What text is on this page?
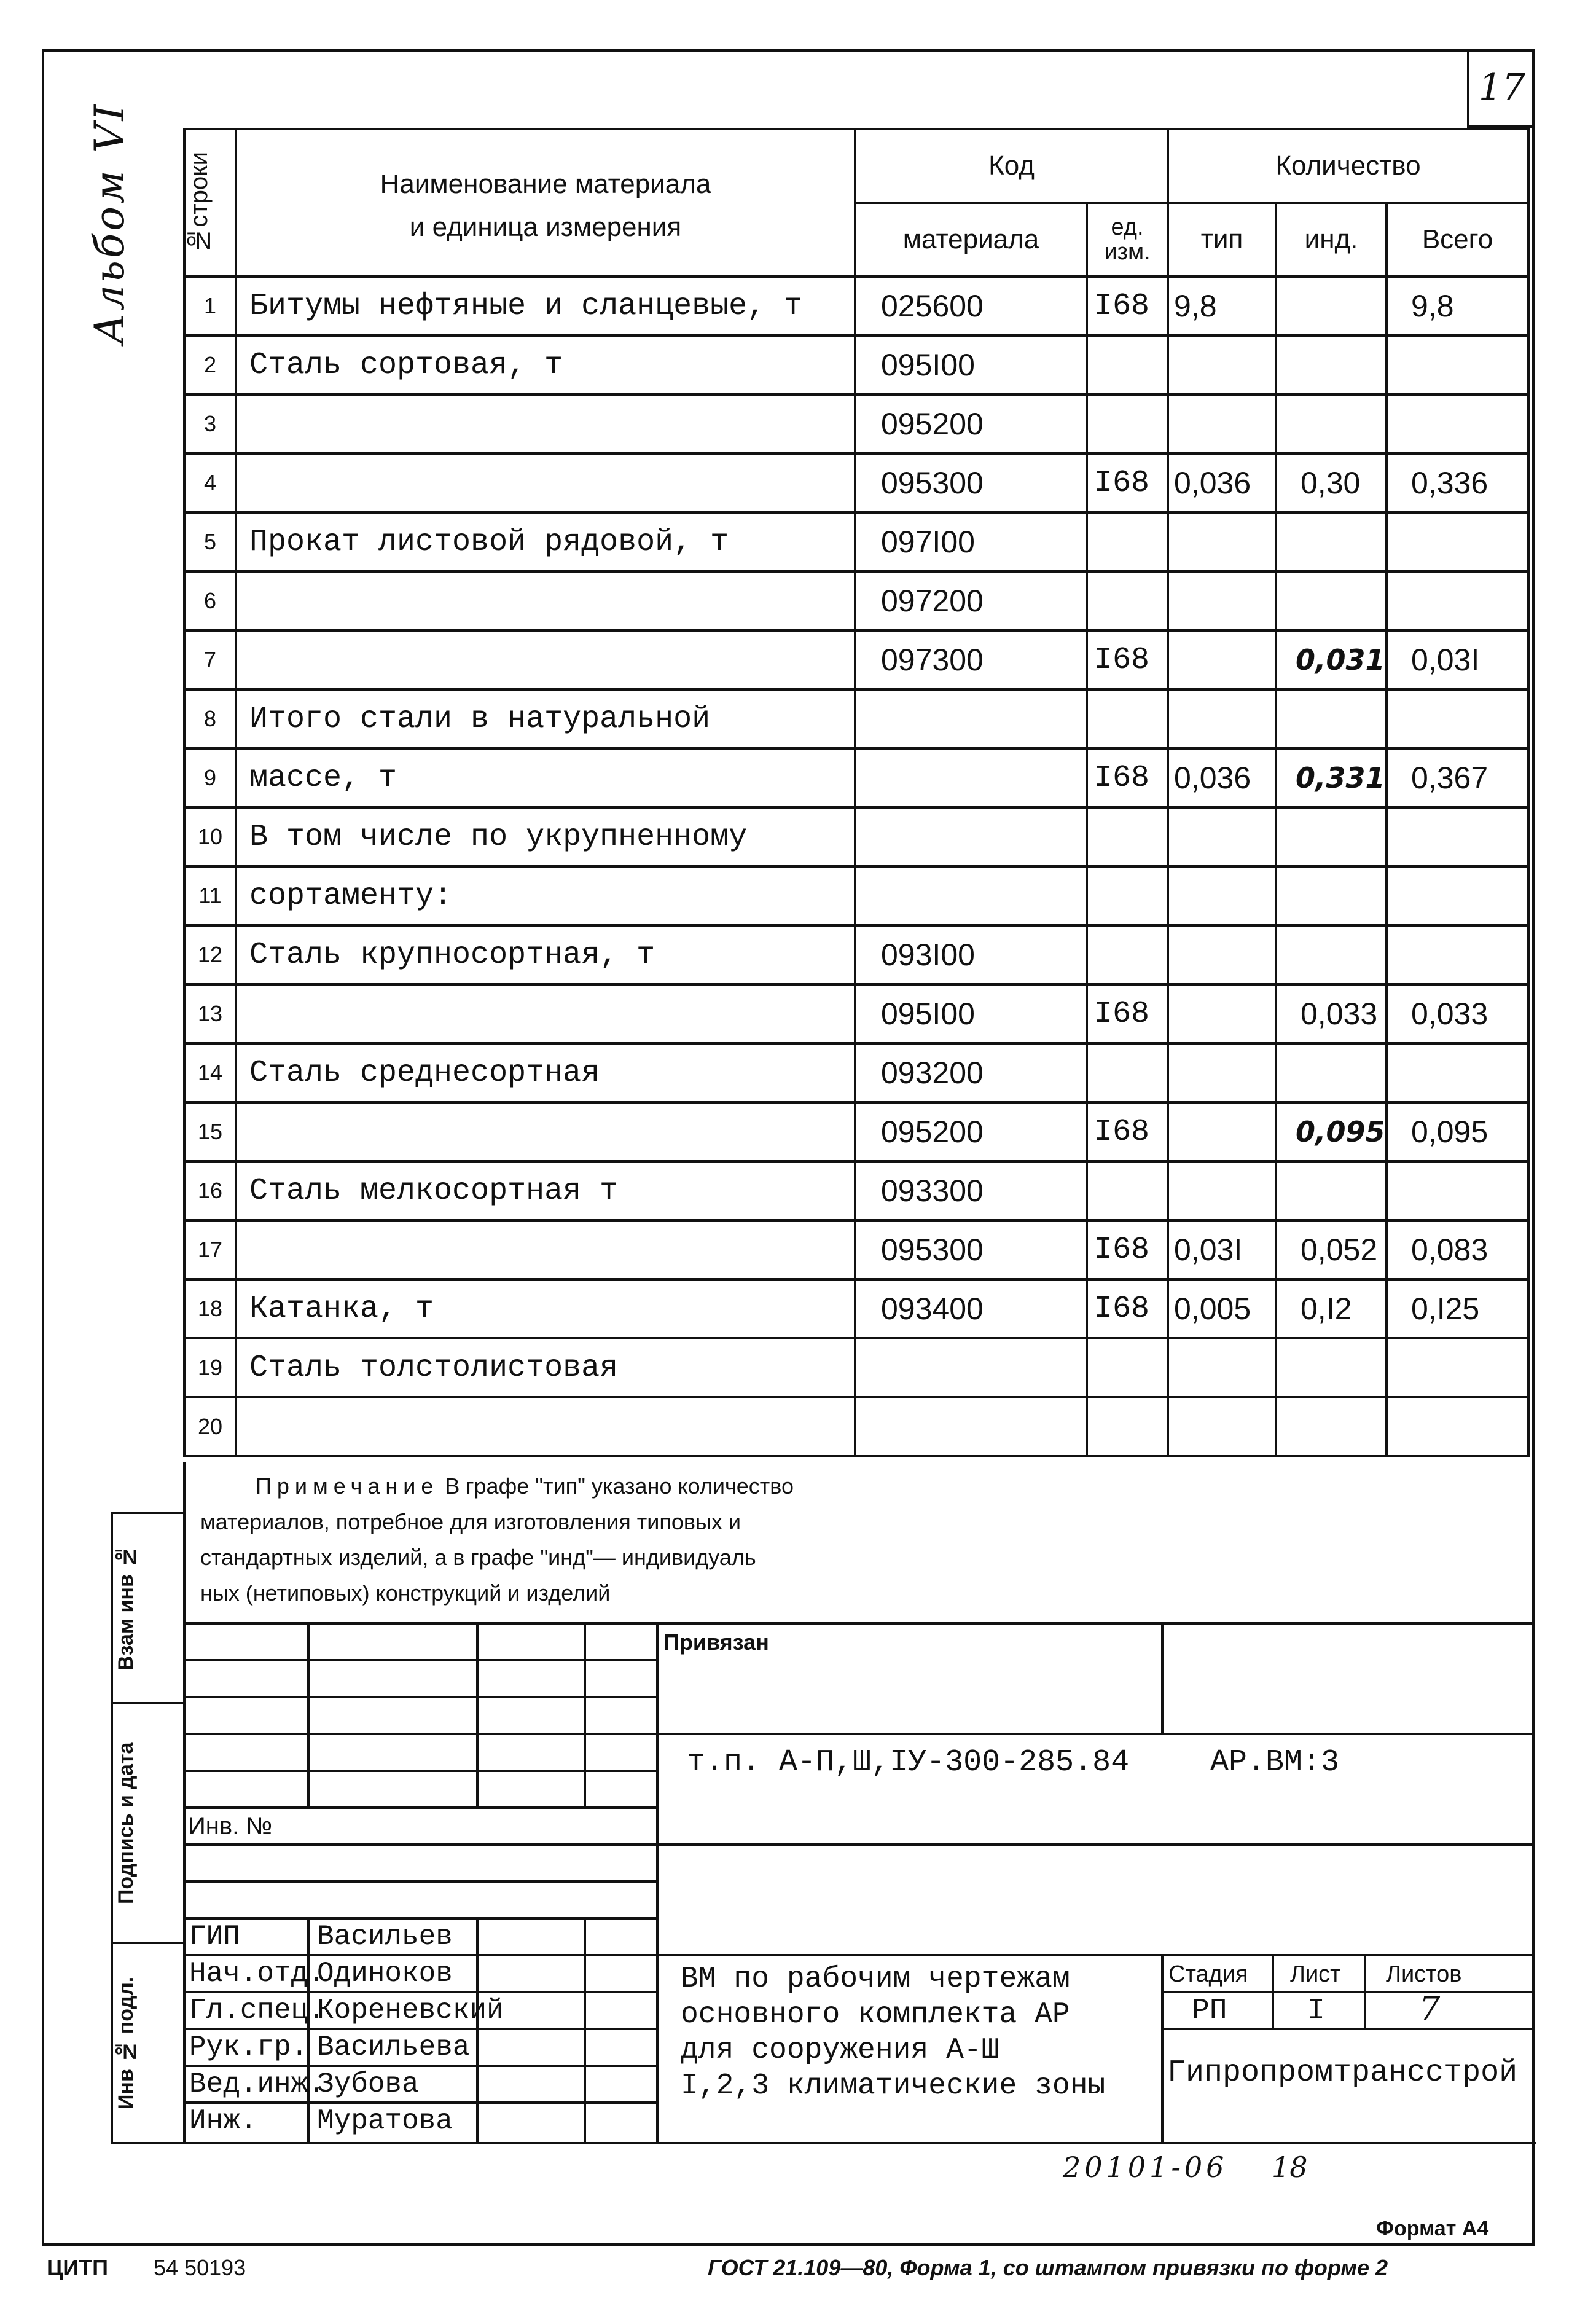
17
Альбом VI №строки	Наименование материала
и единица измерения	Код		Количество		
		материала	ед. изм.	тип	инд.	Всего
1	Битумы нефтяные и сланцевые, т	025600	I68	9,8		9,8
2	Сталь сортовая, т	095I00				
3		095200				
4		095300	I68	0,036	0,30	0,336
5	Прокат листовой рядовой, т	097I00				
6		097200				
7		097300	I68		0,031	0,03I
8	Итого стали в натуральной					
9	массе, т		I68	0,036	0,331	0,367
10	В том числе по укрупненному					
11	сортаменту:					
12	Сталь крупносортная, т	093I00				
13		095I00	I68		0,033	0,033
14	Сталь среднесортная	093200				
15		095200	I68		0,095	0,095
16	Сталь мелкосортная т	093300				
17		095300	I68	0,03I	0,052	0,083
18	Катанка, т	093400	I68	0,005	0,I2	0,I25
19	Сталь толстолистовая					
20						
Примечание В графе "тип" указано количество
материалов, потребное для изготовления типовых и
стандартных изделий, а в графе "инд"— индивидуаль
ных (нетиповых) конструкций и изделий
Взам инв №
Подпись и дата
Инв № подл.
Привязан
Инв. №
т.п. А-П,Ш,IУ-300-285.84	АР.ВМ:3
ВМ по рабочим чертежам
основного комплекта АР
для сооружения А-Ш
I,2,3 климатические зоны
Стадия Лист Листов
РП	I	7
Гипропромтрансстрой
ГИП	Васильев
Нач.отд.
Одиноков
Гл.спец.
Кореневский
Рук.гр. Васильева
Вед.инж.
Зубова
Инж. Муратова
20101-06 18
Формат А4
ЦИТП 54 50193	ГОСТ 21.109—80, Форма 1, со штампом привязки по форме 2
